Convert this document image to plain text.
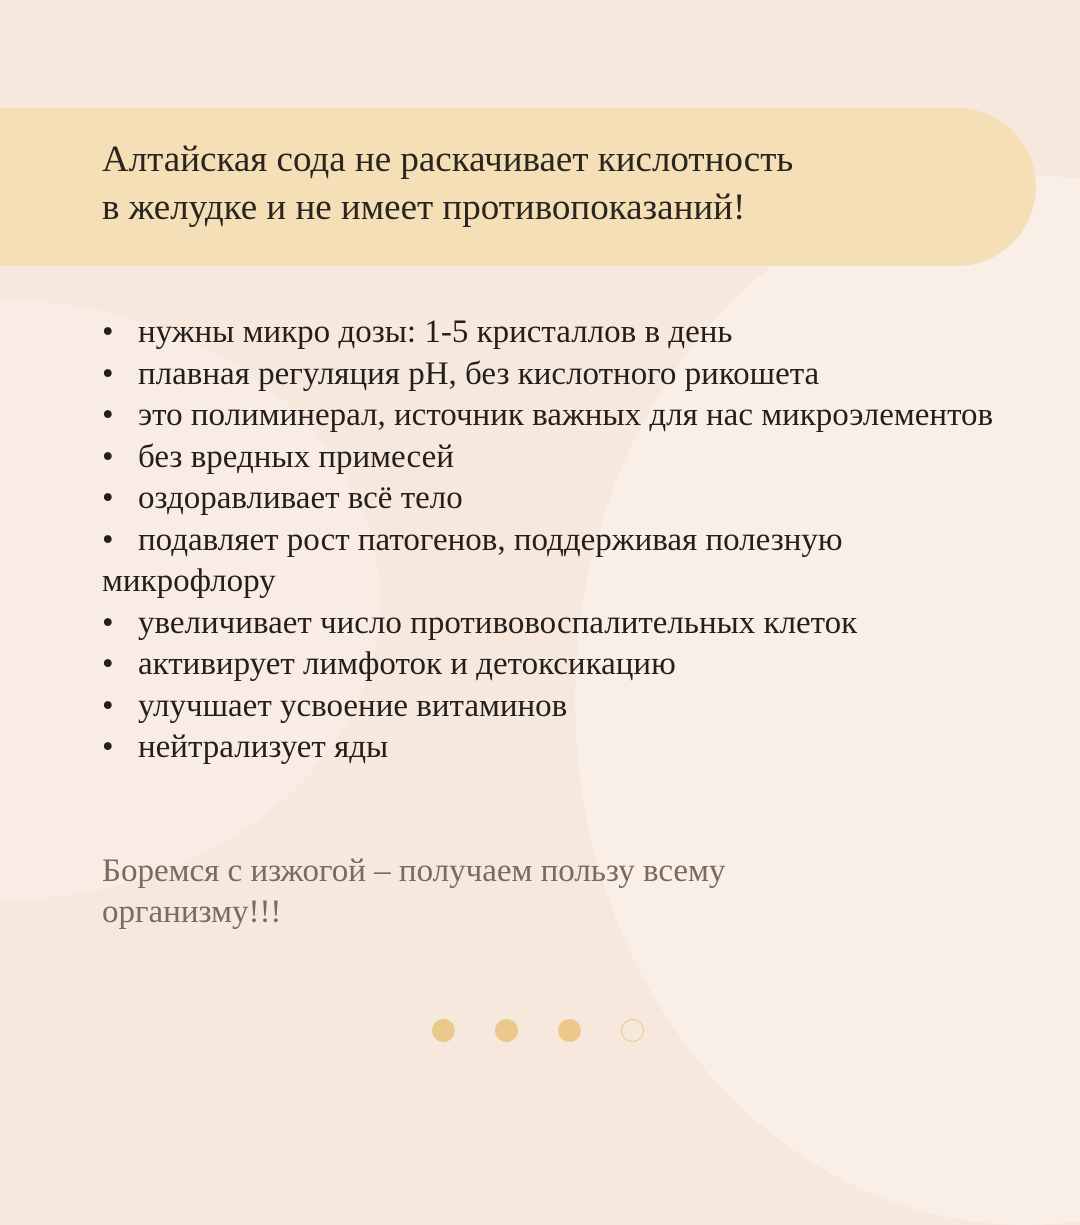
Алтайская сода не раскачивает кислотность
в желудке и не имеет противопоказаний!
• нужны микро дозы: 1-5 кристаллов в день
• плавная регуляция pH, без кислотного рикошета
• это полиминерал, источник важных для нас микроэлементов
• без вредных примесей
• оздоравливает всё тело
• подавляет рост патогенов, поддерживая полезную микрофлору
• увеличивает число противовоспалительных клеток
• активирует лимфоток и детоксикацию
• улучшает усвоение витаминов
• нейтрализует яды

Боремся с изжогой – получаем пользу всему
организму!!!
